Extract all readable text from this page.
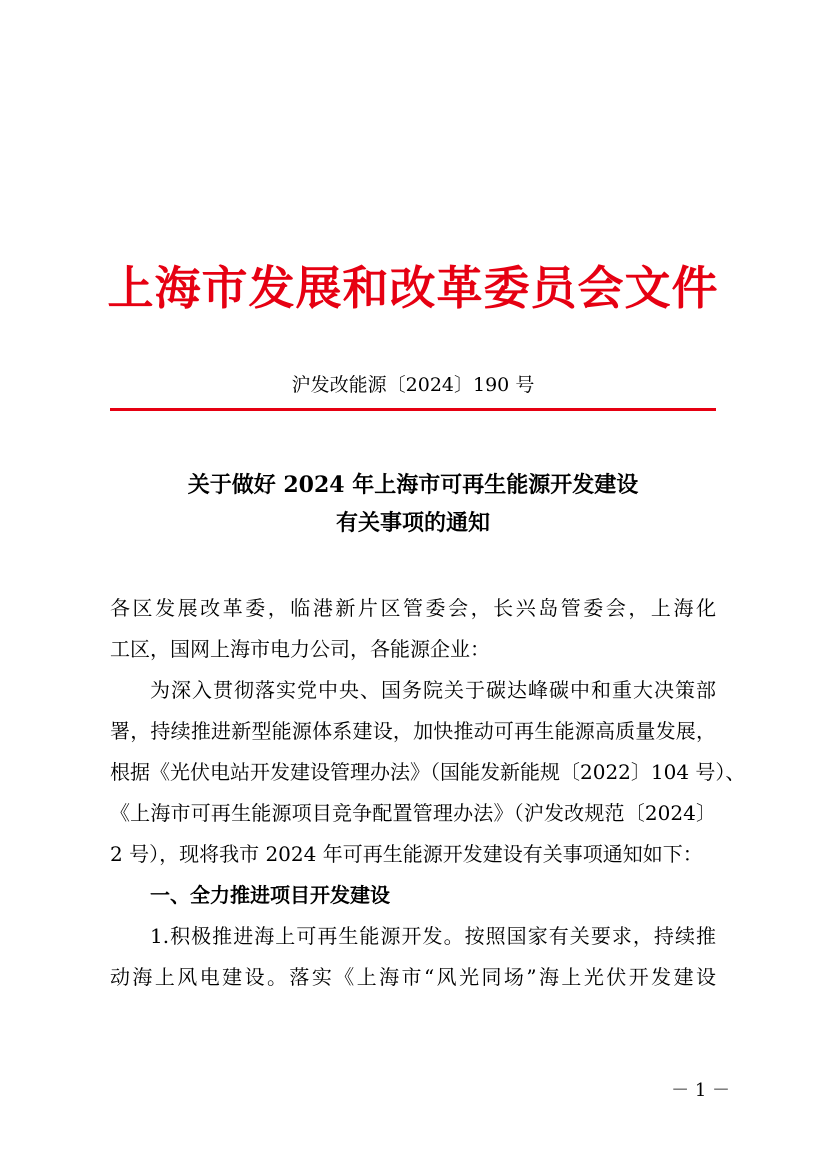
上海市发展和改革委员会文件
沪发改能源〔2024〕190 号
关于做好 2024 年上海市可再生能源开发建设
有关事项的通知
各区发展改革委，临港新片区管委会，长兴岛管委会，上海化
工区，国网上海市电力公司，各能源企业：
为深入贯彻落实党中央、国务院关于碳达峰碳中和重大决策部
署，持续推进新型能源体系建设，加快推动可再生能源高质量发展，
根据《光伏电站开发建设管理办法》（国能发新能规〔2022〕104 号）、
《上海市可再生能源项目竞争配置管理办法》（沪发改规范〔2024〕
2 号），现将我市 2024 年可再生能源开发建设有关事项通知如下：
一、全力推进项目开发建设
1.积极推进海上可再生能源开发。按照国家有关要求，持续推
动海上风电建设。落实《上海市“风光同场”海上光伏开发建设
－ 1 －
